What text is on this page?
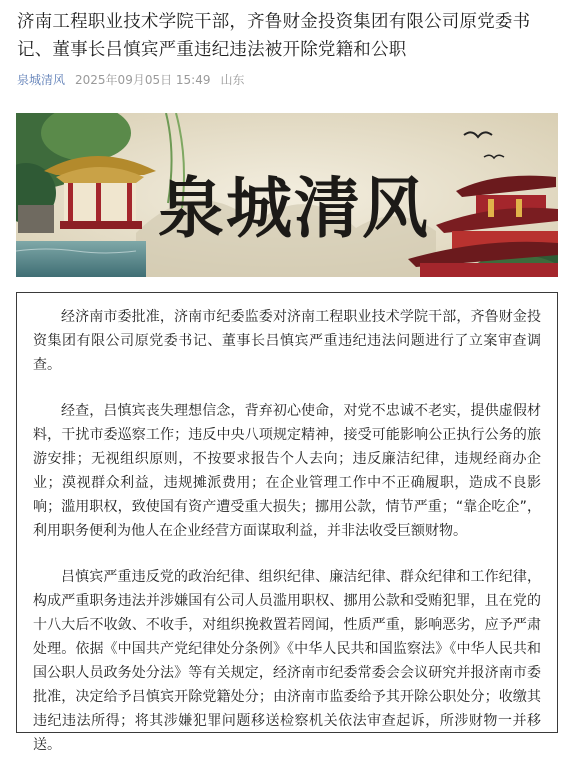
济南工程职业技术学院干部，齐鲁财金投资集团有限公司原党委书记、董事长吕慎宾严重违纪违法被开除党籍和公职
泉城清风 2025年09月05日 15:49 山东
泉城清风

经济南市委批准，济南市纪委监委对济南工程职业技术学院干部，齐鲁财金投资集团有限公司原党委书记、董事长吕慎宾严重违纪违法问题进行了立案审查调查。

经查，吕慎宾丧失理想信念，背弃初心使命，对党不忠诚不老实，提供虚假材料，干扰市委巡察工作；违反中央八项规定精神，接受可能影响公正执行公务的旅游安排；无视组织原则，不按要求报告个人去向；违反廉洁纪律，违规经商办企业；漠视群众利益，违规摊派费用；在企业管理工作中不正确履职，造成不良影响；滥用职权，致使国有资产遭受重大损失；挪用公款，情节严重；“靠企吃企”，利用职务便利为他人在企业经营方面谋取利益，并非法收受巨额财物。

吕慎宾严重违反党的政治纪律、组织纪律、廉洁纪律、群众纪律和工作纪律，构成严重职务违法并涉嫌国有公司人员滥用职权、挪用公款和受贿犯罪，且在党的十八大后不收敛、不收手，对组织挽救置若罔闻，性质严重，影响恶劣，应予严肃处理。依据《中国共产党纪律处分条例》《中华人民共和国监察法》《中华人民共和国公职人员政务处分法》等有关规定，经济南市纪委常委会会议研究并报济南市委批准，决定给予吕慎宾开除党籍处分；由济南市监委给予其开除公职处分；收缴其违纪违法所得；将其涉嫌犯罪问题移送检察机关依法审查起诉，所涉财物一并移送。
